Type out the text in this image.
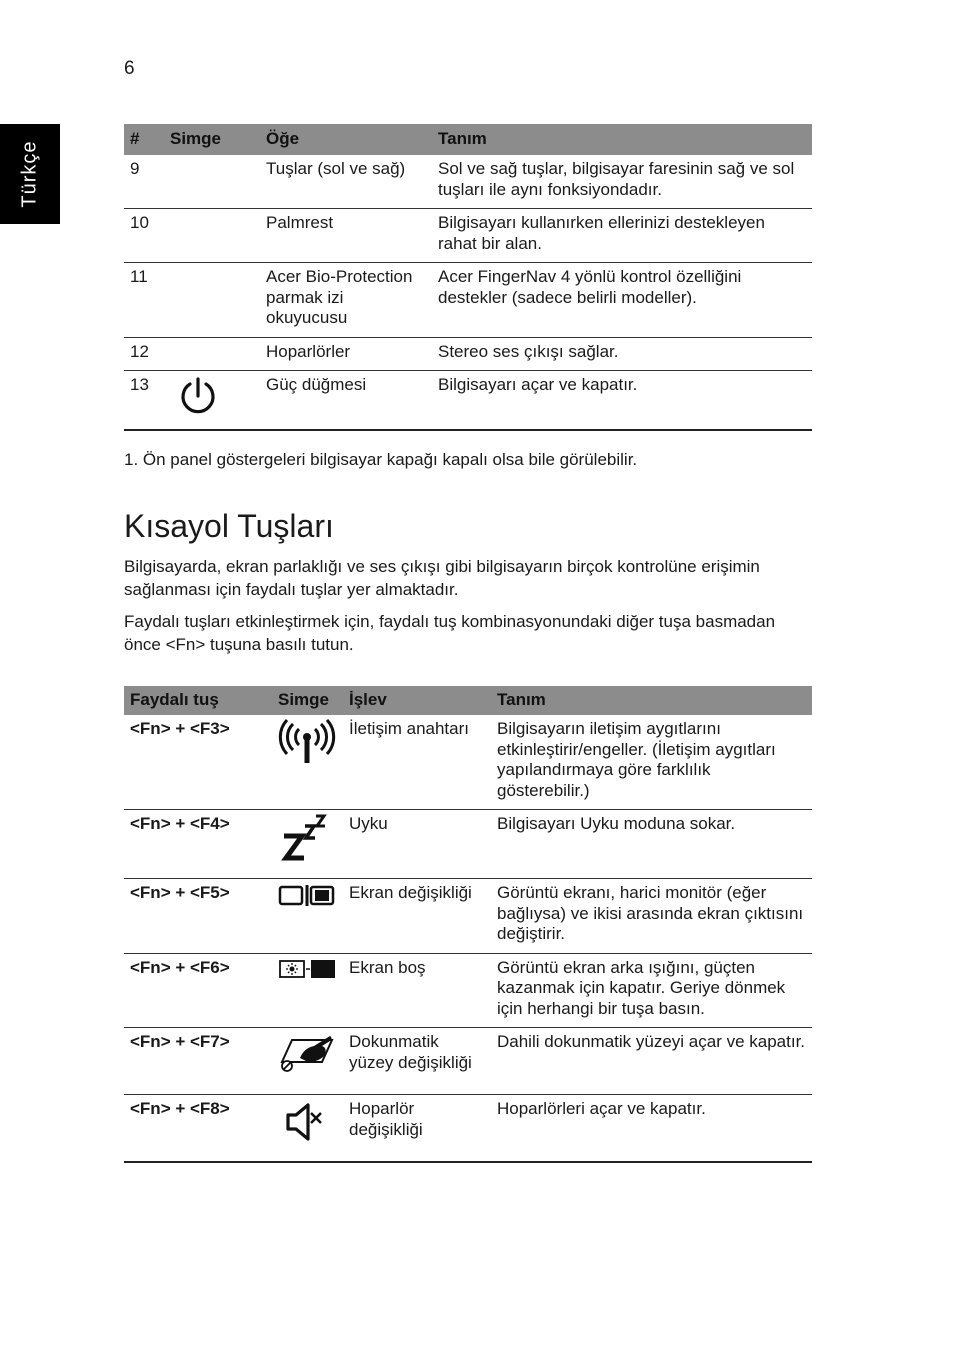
6
Türkçe
#	Simge	Öğe	Tanım
9		Tuşlar (sol ve sağ)	Sol ve sağ tuşlar, bilgisayar faresinin sağ ve sol tuşları ile aynı fonksiyondadır.
10		Palmrest	Bilgisayarı kullanırken ellerinizi destekleyen rahat bir alan.
11		Acer Bio-Protection parmak izi okuyucusu	Acer FingerNav 4 yönlü kontrol özelliğini destekler (sadece belirli modeller).
12		Hoparlörler	Stereo ses çıkışı sağlar.
13		Güç düğmesi	Bilgisayarı açar ve kapatır.
1. Ön panel göstergeleri bilgisayar kapağı kapalı olsa bile görülebilir.
Kısayol Tuşları

Bilgisayarda, ekran parlaklığı ve ses çıkışı gibi bilgisayarın birçok kontrolüne erişimin sağlanması için faydalı tuşlar yer almaktadır.

Faydalı tuşları etkinleştirmek için, faydalı tuş kombinasyonundaki diğer tuşa basmadan önce <Fn> tuşuna basılı tutun.

Faydalı tuş	Simge	İşlev	Tanım
<Fn> + <F3>		İletişim anahtarı	Bilgisayarın iletişim aygıtlarını etkinleştirir/engeller. (İletişim aygıtları yapılandırmaya göre farklılık gösterebilir.)
<Fn> + <F4>		Uyku	Bilgisayarı Uyku moduna sokar.
<Fn> + <F5>		Ekran değişikliği	Görüntü ekranı, harici monitör (eğer bağlıysa) ve ikisi arasında ekran çıktısını değiştirir.
<Fn> + <F6>		Ekran boş	Görüntü ekran arka ışığını, güçten kazanmak için kapatır. Geriye dönmek için herhangi bir tuşa basın.
<Fn> + <F7>		Dokunmatik yüzey değişikliği	Dahili dokunmatik yüzeyi açar ve kapatır.
<Fn> + <F8>		Hoparlör değişikliği	Hoparlörleri açar ve kapatır.
